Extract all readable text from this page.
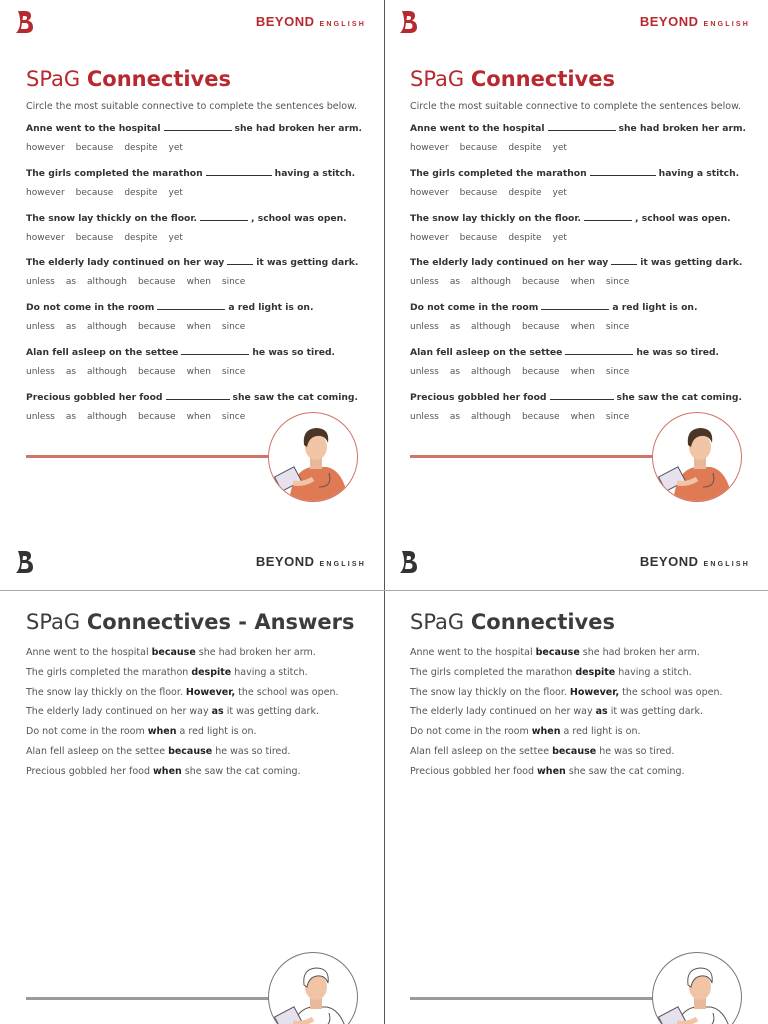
BEYOND ENGLISH
SPaG Connectives
Circle the most suitable connective to complete the sentences below.
Anne went to the hospital	she had broken her arm.
however because despite yet
The girls completed the marathon	having a stitch.
however because despite yet
The snow lay thickly on the floor.	, school was open.
however because despite yet
The elderly lady continued on her way	it was getting dark.
unless as although because when since
Do not come in the room	a red light is on.
unless as although because when since
Alan fell asleep on the settee	he was so tired.
unless as although because when since
Precious gobbled her food	she saw the cat coming.
unless as although because when since
BEYOND ENGLISH
SPaG Connectives
Circle the most suitable connective to complete the sentences below.
Anne went to the hospital	she had broken her arm.
however because despite yet
The girls completed the marathon	having a stitch.
however because despite yet
The snow lay thickly on the floor.	, school was open.
however because despite yet
The elderly lady continued on her way	it was getting dark.
unless as although because when since
Do not come in the room	a red light is on.
unless as although because when since
Alan fell asleep on the settee	he was so tired.
unless as although because when since
Precious gobbled her food	she saw the cat coming.
unless as although because when since
BEYOND ENGLISH
SPaG Connectives - Answers
Anne went to the hospital because she had broken her arm.
The girls completed the marathon despite having a stitch.
The snow lay thickly on the floor. However, the school was open.
The elderly lady continued on her way as it was getting dark.
Do not come in the room when a red light is on.
Alan fell asleep on the settee because he was so tired.
Precious gobbled her food when she saw the cat coming.
BEYOND ENGLISH
SPaG Connectives
Anne went to the hospital because she had broken her arm.
The girls completed the marathon despite having a stitch.
The snow lay thickly on the floor. However, the school was open.
The elderly lady continued on her way as it was getting dark.
Do not come in the room when a red light is on.
Alan fell asleep on the settee because he was so tired.
Precious gobbled her food when she saw the cat coming.
